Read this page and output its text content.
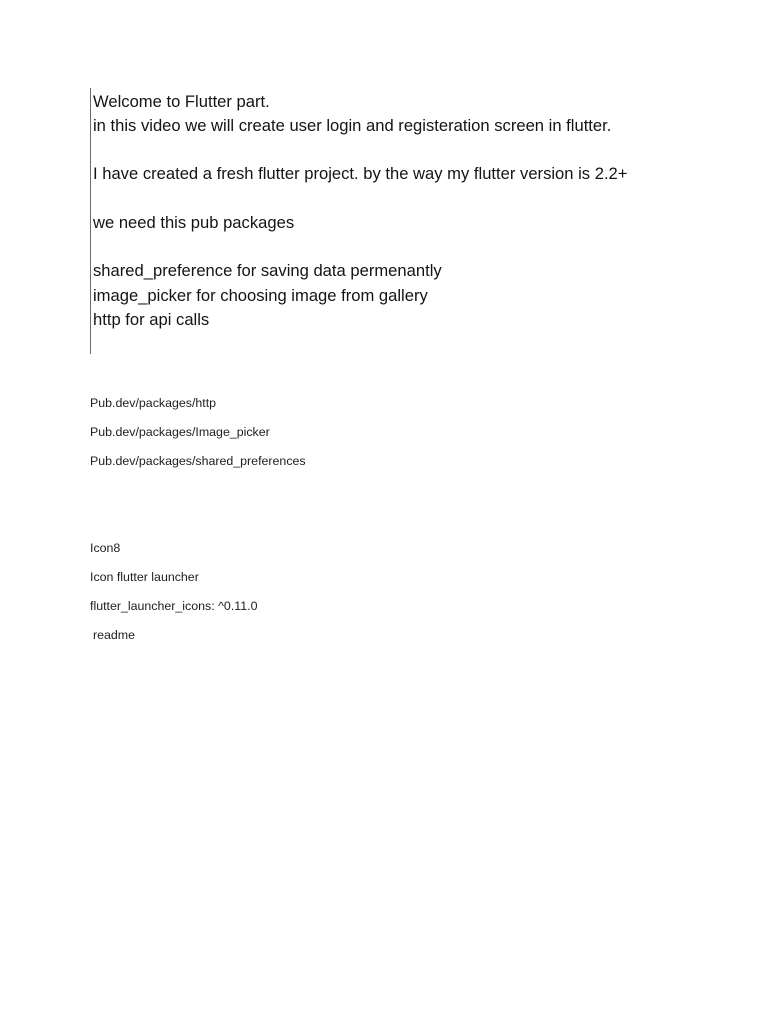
Welcome to Flutter part.
in this video we will create user login and registeration screen in flutter.
I have created a fresh flutter project. by the way my flutter version is 2.2+
we need this pub packages
shared_preference for saving data permenantly
image_picker for choosing image from gallery
http for api calls
Pub.dev/packages/http
Pub.dev/packages/Image_picker
Pub.dev/packages/shared_preferences
Icon8
Icon flutter launcher
flutter_launcher_icons: ^0.11.0
readme
